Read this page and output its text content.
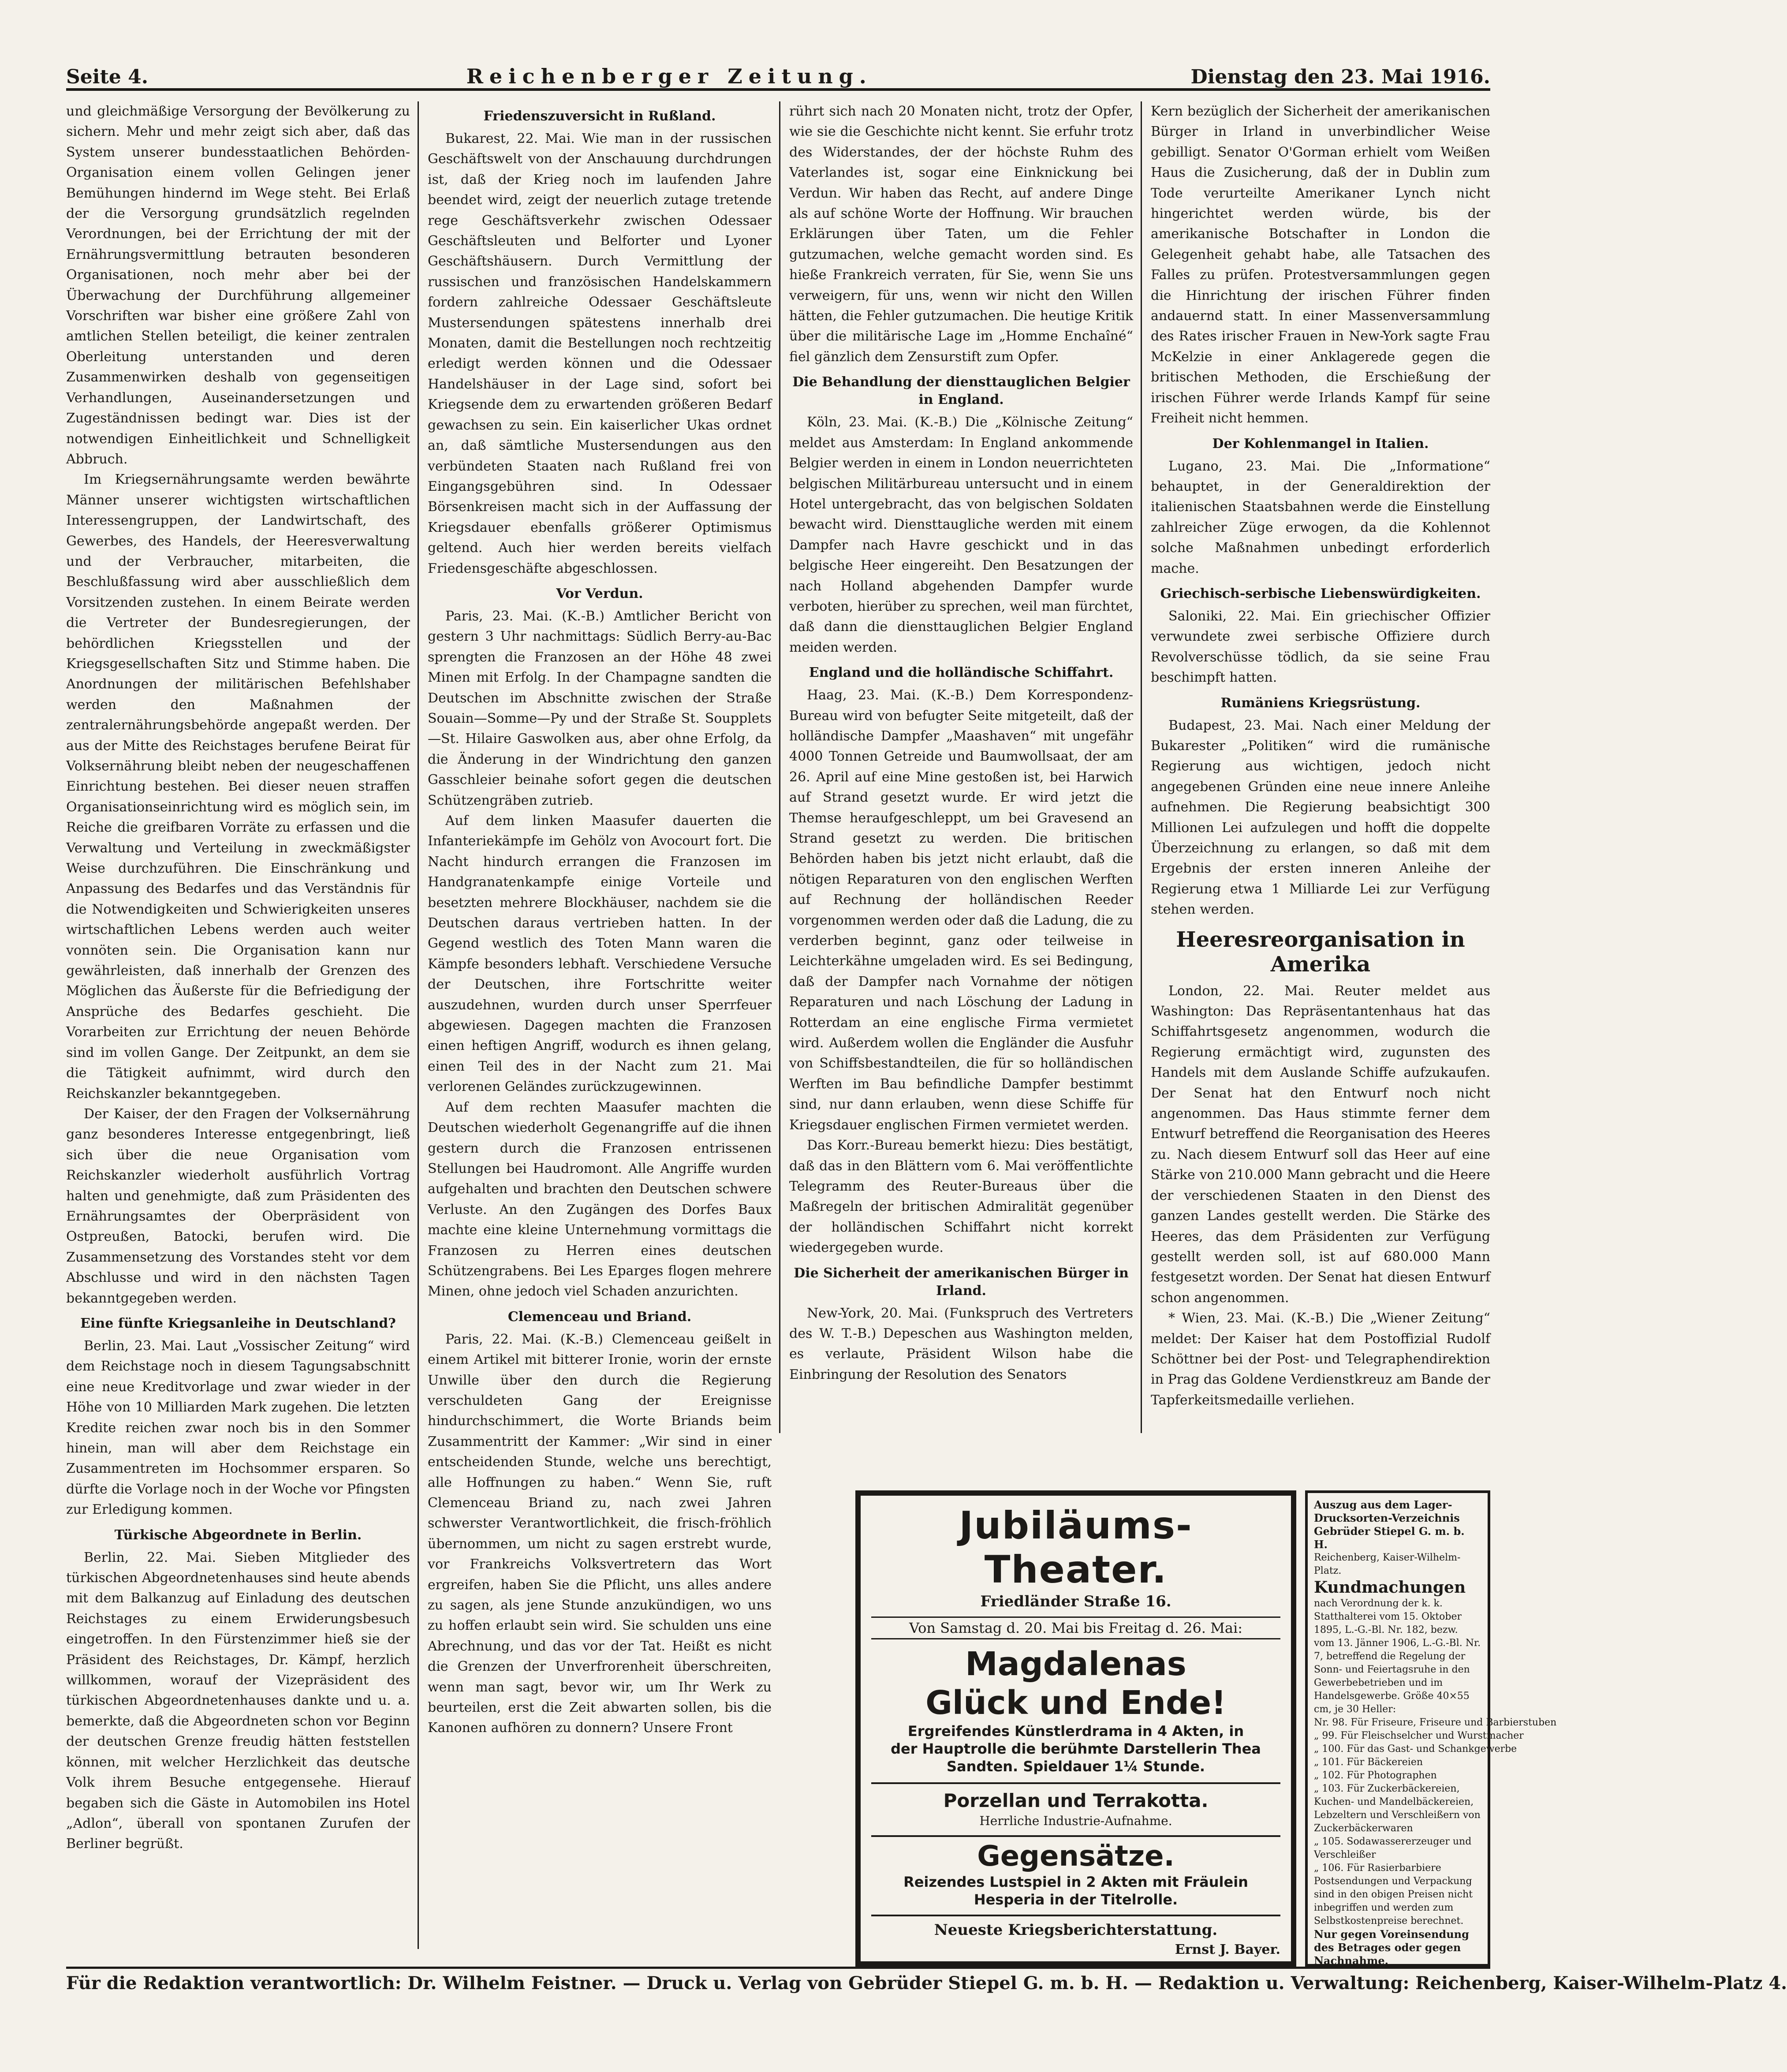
Seite 4.	Reichenberger Zeitung.	Dienstag den 23. Mai 1916.

und gleichmäßige Versorgung der Bevölkerung zu sichern. Mehr und mehr zeigt sich aber, daß das System unserer bundesstaatlichen Behörden-Organisation einem vollen Gelingen jener Bemühungen hindernd im Wege steht. Bei Erlaß der die Versorgung grundsätzlich regelnden Verordnungen, bei der Errichtung der mit der Ernährungsvermittlung betrauten besonderen Organisationen, noch mehr aber bei der Überwachung der Durchführung allgemeiner Vorschriften war bisher eine größere Zahl von amtlichen Stellen beteiligt, die keiner zentralen Oberleitung unterstanden und deren Zusammenwirken deshalb von gegenseitigen Verhandlungen, Auseinandersetzungen und Zugeständnissen bedingt war. Dies ist der notwendigen Einheitlichkeit und Schnelligkeit Abbruch.

Im Kriegsernährungsamte werden bewährte Männer unserer wichtigsten wirtschaftlichen Interessengruppen, der Landwirtschaft, des Gewerbes, des Handels, der Heeresverwaltung und der Verbraucher, mitarbeiten, die Beschlußfassung wird aber ausschließlich dem Vorsitzenden zustehen. In einem Beirate werden die Vertreter der Bundesregierungen, der behördlichen Kriegsstellen und der Kriegsgesellschaften Sitz und Stimme haben. Die Anordnungen der militärischen Befehlshaber werden den Maßnahmen der zentralernährungsbehörde angepaßt werden. Der aus der Mitte des Reichstages berufene Beirat für Volksernährung bleibt neben der neugeschaffenen Einrichtung bestehen. Bei dieser neuen straffen Organisationseinrichtung wird es möglich sein, im Reiche die greifbaren Vorräte zu erfassen und die Verwaltung und Verteilung in zweckmäßigster Weise durchzuführen. Die Einschränkung und Anpassung des Bedarfes und das Verständnis für die Notwendigkeiten und Schwierigkeiten unseres wirtschaftlichen Lebens werden auch weiter vonnöten sein. Die Organisation kann nur gewährleisten, daß innerhalb der Grenzen des Möglichen das Äußerste für die Befriedigung der Ansprüche des Bedarfes geschieht. Die Vorarbeiten zur Errichtung der neuen Behörde sind im vollen Gange. Der Zeitpunkt, an dem sie die Tätigkeit aufnimmt, wird durch den Reichskanzler bekanntgegeben.

Der Kaiser, der den Fragen der Volksernährung ganz besonderes Interesse entgegenbringt, ließ sich über die neue Organisation vom Reichskanzler wiederholt ausführlich Vortrag halten und genehmigte, daß zum Präsidenten des Ernährungsamtes der Oberpräsident von Ostpreußen, Batocki, berufen wird. Die Zusammensetzung des Vorstandes steht vor dem Abschlusse und wird in den nächsten Tagen bekanntgegeben werden.

Eine fünfte Kriegsanleihe in Deutschland?

Berlin, 23. Mai. Laut „Vossischer Zeitung“ wird dem Reichstage noch in diesem Tagungsabschnitt eine neue Kreditvorlage und zwar wieder in der Höhe von 10 Milliarden Mark zugehen. Die letzten Kredite reichen zwar noch bis in den Sommer hinein, man will aber dem Reichstage ein Zusammentreten im Hochsommer ersparen. So dürfte die Vorlage noch in der Woche vor Pfingsten zur Erledigung kommen.

Türkische Abgeordnete in Berlin.

Berlin, 22. Mai. Sieben Mitglieder des türkischen Abgeordnetenhauses sind heute abends mit dem Balkanzug auf Einladung des deutschen Reichstages zu einem Erwiderungsbesuch eingetroffen. In den Fürstenzimmer hieß sie der Präsident des Reichstages, Dr. Kämpf, herzlich willkommen, worauf der Vizepräsident des türkischen Abgeordnetenhauses dankte und u. a. bemerkte, daß die Abgeordneten schon vor Beginn der deutschen Grenze freudig hätten feststellen können, mit welcher Herzlichkeit das deutsche Volk ihrem Besuche entgegensehe. Hierauf begaben sich die Gäste in Automobilen ins Hotel „Adlon“, überall von spontanen Zurufen der Berliner begrüßt.

Friedenszuversicht in Rußland.

Bukarest, 22. Mai. Wie man in der russischen Geschäftswelt von der Anschauung durchdrungen ist, daß der Krieg noch im laufenden Jahre beendet wird, zeigt der neuerlich zutage tretende rege Geschäftsverkehr zwischen Odessaer Geschäftsleuten und Belforter und Lyoner Geschäftshäusern. Durch Vermittlung der russischen und französischen Handelskammern fordern zahlreiche Odessaer Geschäftsleute Mustersendungen spätestens innerhalb drei Monaten, damit die Bestellungen noch rechtzeitig erledigt werden können und die Odessaer Handelshäuser in der Lage sind, sofort bei Kriegsende dem zu erwartenden größeren Bedarf gewachsen zu sein. Ein kaiserlicher Ukas ordnet an, daß sämtliche Mustersendungen aus den verbündeten Staaten nach Rußland frei von Eingangsgebühren sind. In Odessaer Börsenkreisen macht sich in der Auffassung der Kriegsdauer ebenfalls größerer Optimismus geltend. Auch hier werden bereits vielfach Friedensgeschäfte abgeschlossen.

Vor Verdun.

Paris, 23. Mai. (K.-B.) Amtlicher Bericht von gestern 3 Uhr nachmittags: Südlich Berry-au-Bac sprengten die Franzosen an der Höhe 48 zwei Minen mit Erfolg. In der Champagne sandten die Deutschen im Abschnitte zwischen der Straße Souain—Somme—Py und der Straße St. Soupplets—St. Hilaire Gaswolken aus, aber ohne Erfolg, da die Änderung in der Windrichtung den ganzen Gasschleier beinahe sofort gegen die deutschen Schützengräben zutrieb.

Auf dem linken Maasufer dauerten die Infanteriekämpfe im Gehölz von Avocourt fort. Die Nacht hindurch errangen die Franzosen im Handgranatenkampfe einige Vorteile und besetzten mehrere Blockhäuser, nachdem sie die Deutschen daraus vertrieben hatten. In der Gegend westlich des Toten Mann waren die Kämpfe besonders lebhaft. Verschiedene Versuche der Deutschen, ihre Fortschritte weiter auszudehnen, wurden durch unser Sperrfeuer abgewiesen. Dagegen machten die Franzosen einen heftigen Angriff, wodurch es ihnen gelang, einen Teil des in der Nacht zum 21. Mai verlorenen Geländes zurückzugewinnen.

Auf dem rechten Maasufer machten die Deutschen wiederholt Gegenangriffe auf die ihnen gestern durch die Franzosen entrissenen Stellungen bei Haudromont. Alle Angriffe wurden aufgehalten und brachten den Deutschen schwere Verluste. An den Zugängen des Dorfes Baux machte eine kleine Unternehmung vormittags die Franzosen zu Herren eines deutschen Schützengrabens. Bei Les Eparges flogen mehrere Minen, ohne jedoch viel Schaden anzurichten.

Clemenceau und Briand.

Paris, 22. Mai. (K.-B.) Clemenceau geißelt in einem Artikel mit bitterer Ironie, worin der ernste Unwille über den durch die Regierung verschuldeten Gang der Ereignisse hindurchschimmert, die Worte Briands beim Zusammentritt der Kammer: „Wir sind in einer entscheidenden Stunde, welche uns berechtigt, alle Hoffnungen zu haben.“ Wenn Sie, ruft Clemenceau Briand zu, nach zwei Jahren schwerster Verantwortlichkeit, die frisch-fröhlich übernommen, um nicht zu sagen erstrebt wurde, vor Frankreichs Volksvertretern das Wort ergreifen, haben Sie die Pflicht, uns alles andere zu sagen, als jene Stunde anzukündigen, wo uns zu hoffen erlaubt sein wird. Sie schulden uns eine Abrechnung, und das vor der Tat. Heißt es nicht die Grenzen der Unverfrorenheit überschreiten, wenn man sagt, bevor wir, um Ihr Werk zu beurteilen, erst die Zeit abwarten sollen, bis die Kanonen aufhören zu donnern? Unsere Front

rührt sich nach 20 Monaten nicht, trotz der Opfer, wie sie die Geschichte nicht kennt. Sie erfuhr trotz des Widerstandes, der der höchste Ruhm des Vaterlandes ist, sogar eine Einknickung bei Verdun. Wir haben das Recht, auf andere Dinge als auf schöne Worte der Hoffnung. Wir brauchen Erklärungen über Taten, um die Fehler gutzumachen, welche gemacht worden sind. Es hieße Frankreich verraten, für Sie, wenn Sie uns verweigern, für uns, wenn wir nicht den Willen hätten, die Fehler gutzumachen. Die heutige Kritik über die militärische Lage im „Homme Enchaîné“ fiel gänzlich dem Zensurstift zum Opfer.

Die Behandlung der diensttauglichen Belgier in England.

Köln, 23. Mai. (K.-B.) Die „Kölnische Zeitung“ meldet aus Amsterdam: In England ankommende Belgier werden in einem in London neuerrichteten belgischen Militärbureau untersucht und in einem Hotel untergebracht, das von belgischen Soldaten bewacht wird. Diensttaugliche werden mit einem Dampfer nach Havre geschickt und in das belgische Heer eingereiht. Den Besatzungen der nach Holland abgehenden Dampfer wurde verboten, hierüber zu sprechen, weil man fürchtet, daß dann die diensttauglichen Belgier England meiden werden.

England und die holländische Schiffahrt.

Haag, 23. Mai. (K.-B.) Dem Korrespondenz-Bureau wird von befugter Seite mitgeteilt, daß der holländische Dampfer „Maashaven“ mit ungefähr 4000 Tonnen Getreide und Baumwollsaat, der am 26. April auf eine Mine gestoßen ist, bei Harwich auf Strand gesetzt wurde. Er wird jetzt die Themse heraufgeschleppt, um bei Gravesend an Strand gesetzt zu werden. Die britischen Behörden haben bis jetzt nicht erlaubt, daß die nötigen Reparaturen von den englischen Werften auf Rechnung der holländischen Reeder vorgenommen werden oder daß die Ladung, die zu verderben beginnt, ganz oder teilweise in Leichterkähne umgeladen wird. Es sei Bedingung, daß der Dampfer nach Vornahme der nötigen Reparaturen und nach Löschung der Ladung in Rotterdam an eine englische Firma vermietet wird. Außerdem wollen die Engländer die Ausfuhr von Schiffsbestandteilen, die für so holländischen Werften im Bau befindliche Dampfer bestimmt sind, nur dann erlauben, wenn diese Schiffe für Kriegsdauer englischen Firmen vermietet werden.

Das Korr.-Bureau bemerkt hiezu: Dies bestätigt, daß das in den Blättern vom 6. Mai veröffentlichte Telegramm des Reuter-Bureaus über die Maßregeln der britischen Admiralität gegenüber der holländischen Schiffahrt nicht korrekt wiedergegeben wurde.

Die Sicherheit der amerikanischen Bürger in Irland.

New-York, 20. Mai. (Funkspruch des Vertreters des W. T.-B.) Depeschen aus Washington melden, es verlaute, Präsident Wilson habe die Einbringung der Resolution des Senators

Kern bezüglich der Sicherheit der amerikanischen Bürger in Irland in unverbindlicher Weise gebilligt. Senator O'Gorman erhielt vom Weißen Haus die Zusicherung, daß der in Dublin zum Tode verurteilte Amerikaner Lynch nicht hingerichtet werden würde, bis der amerikanische Botschafter in London die Gelegenheit gehabt habe, alle Tatsachen des Falles zu prüfen. Protestversammlungen gegen die Hinrichtung der irischen Führer finden andauernd statt. In einer Massenversammlung des Rates irischer Frauen in New-York sagte Frau McKelzie in einer Anklagerede gegen die britischen Methoden, die Erschießung der irischen Führer werde Irlands Kampf für seine Freiheit nicht hemmen.

Der Kohlenmangel in Italien.

Lugano, 23. Mai. Die „Informatione“ behauptet, in der Generaldirektion der italienischen Staatsbahnen werde die Einstellung zahlreicher Züge erwogen, da die Kohlennot solche Maßnahmen unbedingt erforderlich mache.

Griechisch-serbische Liebenswürdigkeiten.

Saloniki, 22. Mai. Ein griechischer Offizier verwundete zwei serbische Offiziere durch Revolverschüsse tödlich, da sie seine Frau beschimpft hatten.

Rumäniens Kriegsrüstung.

Budapest, 23. Mai. Nach einer Meldung der Bukarester „Politiken“ wird die rumänische Regierung aus wichtigen, jedoch nicht angegebenen Gründen eine neue innere Anleihe aufnehmen. Die Regierung beabsichtigt 300 Millionen Lei aufzulegen und hofft die doppelte Überzeichnung zu erlangen, so daß mit dem Ergebnis der ersten inneren Anleihe der Regierung etwa 1 Milliarde Lei zur Verfügung stehen werden.

Heeresreorganisation in Amerika

London, 22. Mai. Reuter meldet aus Washington: Das Repräsentantenhaus hat das Schiffahrtsgesetz angenommen, wodurch die Regierung ermächtigt wird, zugunsten des Handels mit dem Auslande Schiffe aufzukaufen. Der Senat hat den Entwurf noch nicht angenommen. Das Haus stimmte ferner dem Entwurf betreffend die Reorganisation des Heeres zu. Nach diesem Entwurf soll das Heer auf eine Stärke von 210.000 Mann gebracht und die Heere der verschiedenen Staaten in den Dienst des ganzen Landes gestellt werden. Die Stärke des Heeres, das dem Präsidenten zur Verfügung gestellt werden soll, ist auf 680.000 Mann festgesetzt worden. Der Senat hat diesen Entwurf schon angenommen.

* Wien, 23. Mai. (K.-B.) Die „Wiener Zeitung“ meldet: Der Kaiser hat dem Postoffizial Rudolf Schöttner bei der Post- und Telegraphendirektion in Prag das Goldene Verdienstkreuz am Bande der Tapferkeitsmedaille verliehen.

Jubiläums-Theater.
Friedländer Straße 16.
Von Samstag d. 20. Mai bis Freitag d. 26. Mai:
Magdalenas
Glück und Ende!
Ergreifendes Künstlerdrama in 4 Akten, in
der Hauptrolle die berühmte Darstellerin Thea
Sandten. Spieldauer 1¼ Stunde.
Porzellan und Terrakotta.
Herrliche Industrie-Aufnahme.
Gegensätze.
Reizendes Lustspiel in 2 Akten mit Fräulein
Hesperia in der Titelrolle.
Neueste Kriegsberichterstattung.
Ernst J. Bayer.
Auszug aus dem Lager-
Drucksorten-Verzeichnis
Gebrüder Stiepel G. m. b. H.
Reichenberg, Kaiser-Wilhelm-Platz.
Kundmachungen
nach Verordnung der k. k. Statthalterei vom 15. Oktober 1895, L.-G.-Bl. Nr. 182, bezw. vom 13. Jänner 1906, L.-G.-Bl. Nr. 7, betreffend die Regelung der Sonn- und Feiertagsruhe in den Gewerbebetrieben und im Handelsgewerbe. Größe 40×55 cm, je 30 Heller:
Nr. 98. Für Friseure, Friseure und Barbierstuben
„ 99. Für Fleischselcher und Wurstmacher
„ 100. Für das Gast- und Schankgewerbe
„ 101. Für Bäckereien
„ 102. Für Photographen
„ 103. Für Zuckerbäckereien, Kuchen- und Mandelbäckereien, Lebzeltern und Verschleißern von Zuckerbäckerwaren
„ 105. Sodawassererzeuger und Verschleißer
„ 106. Für Rasierbarbiere
Postsendungen und Verpackung sind in den obigen Preisen nicht inbegriffen und werden zum Selbstkostenpreise berechnet.
Nur gegen Voreinsendung des Betrages oder gegen Nachnahme.
Für die Redaktion verantwortlich: Dr. Wilhelm Feistner. — Druck u. Verlag von Gebrüder Stiepel G. m. b. H. — Redaktion u. Verwaltung: Reichenberg, Kaiser-Wilhelm-Platz 4.
